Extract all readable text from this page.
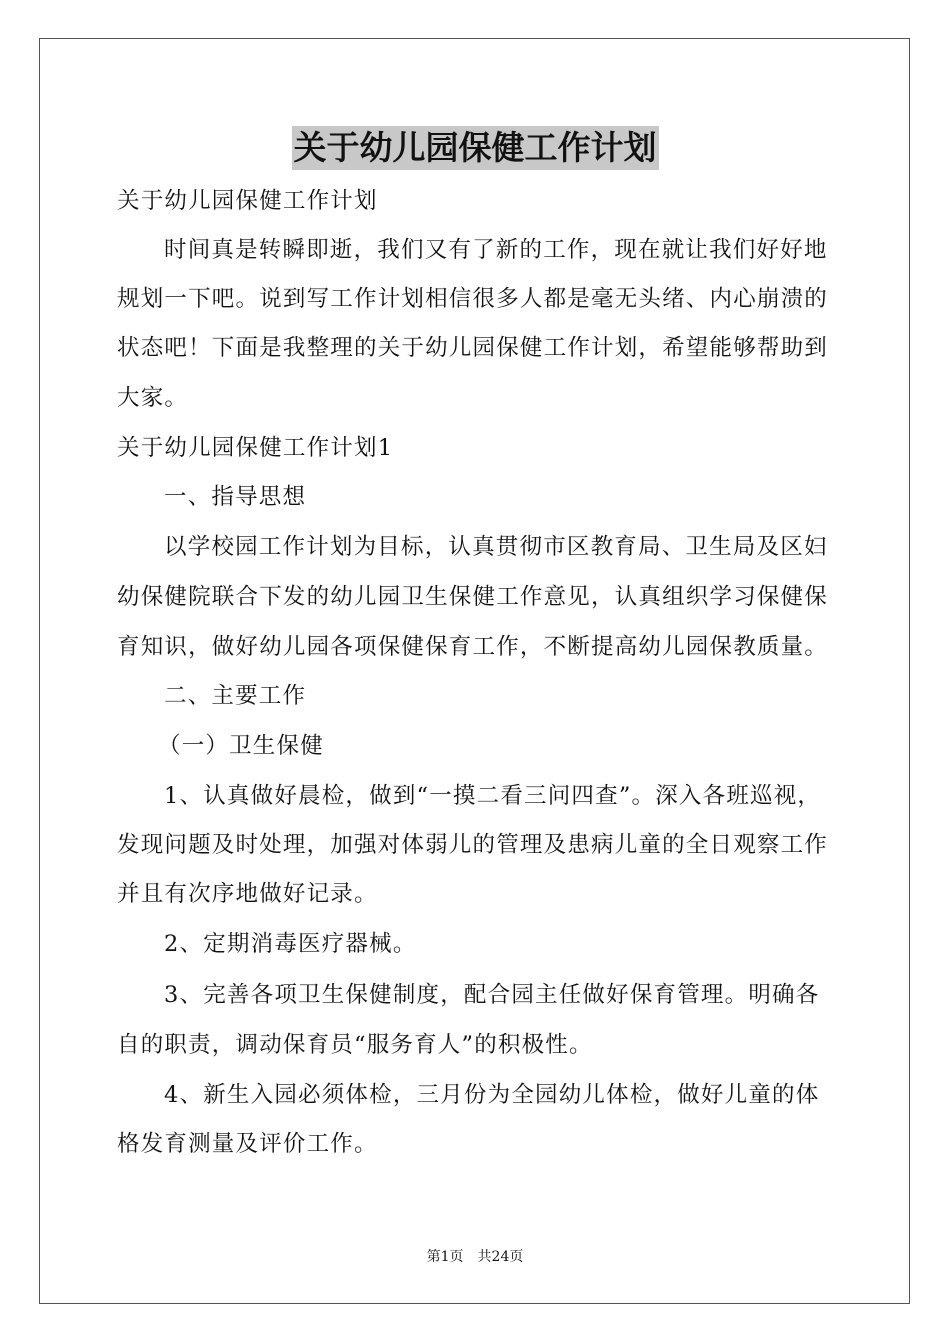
关于幼儿园保健工作计划
关于幼儿园保健工作计划
时间真是转瞬即逝，我们又有了新的工作，现在就让我们好好地
规划一下吧。说到写工作计划相信很多人都是毫无头绪、内心崩溃的
状态吧！下面是我整理的关于幼儿园保健工作计划，希望能够帮助到
大家。
关于幼儿园保健工作计划1
一、指导思想
以学校园工作计划为目标，认真贯彻市区教育局、卫生局及区妇
幼保健院联合下发的幼儿园卫生保健工作意见，认真组织学习保健保
育知识，做好幼儿园各项保健保育工作，不断提高幼儿园保教质量。
二、主要工作
（一）卫生保健
1、认真做好晨检，做到“一摸二看三问四查”。深入各班巡视，
发现问题及时处理，加强对体弱儿的管理及患病儿童的全日观察工作
并且有次序地做好记录。
2、定期消毒医疗器械。
3、完善各项卫生保健制度，配合园主任做好保育管理。明确各
自的职责，调动保育员“服务育人”的积极性。
4、新生入园必须体检，三月份为全园幼儿体检，做好儿童的体
格发育测量及评价工作。
第1页　共24页
